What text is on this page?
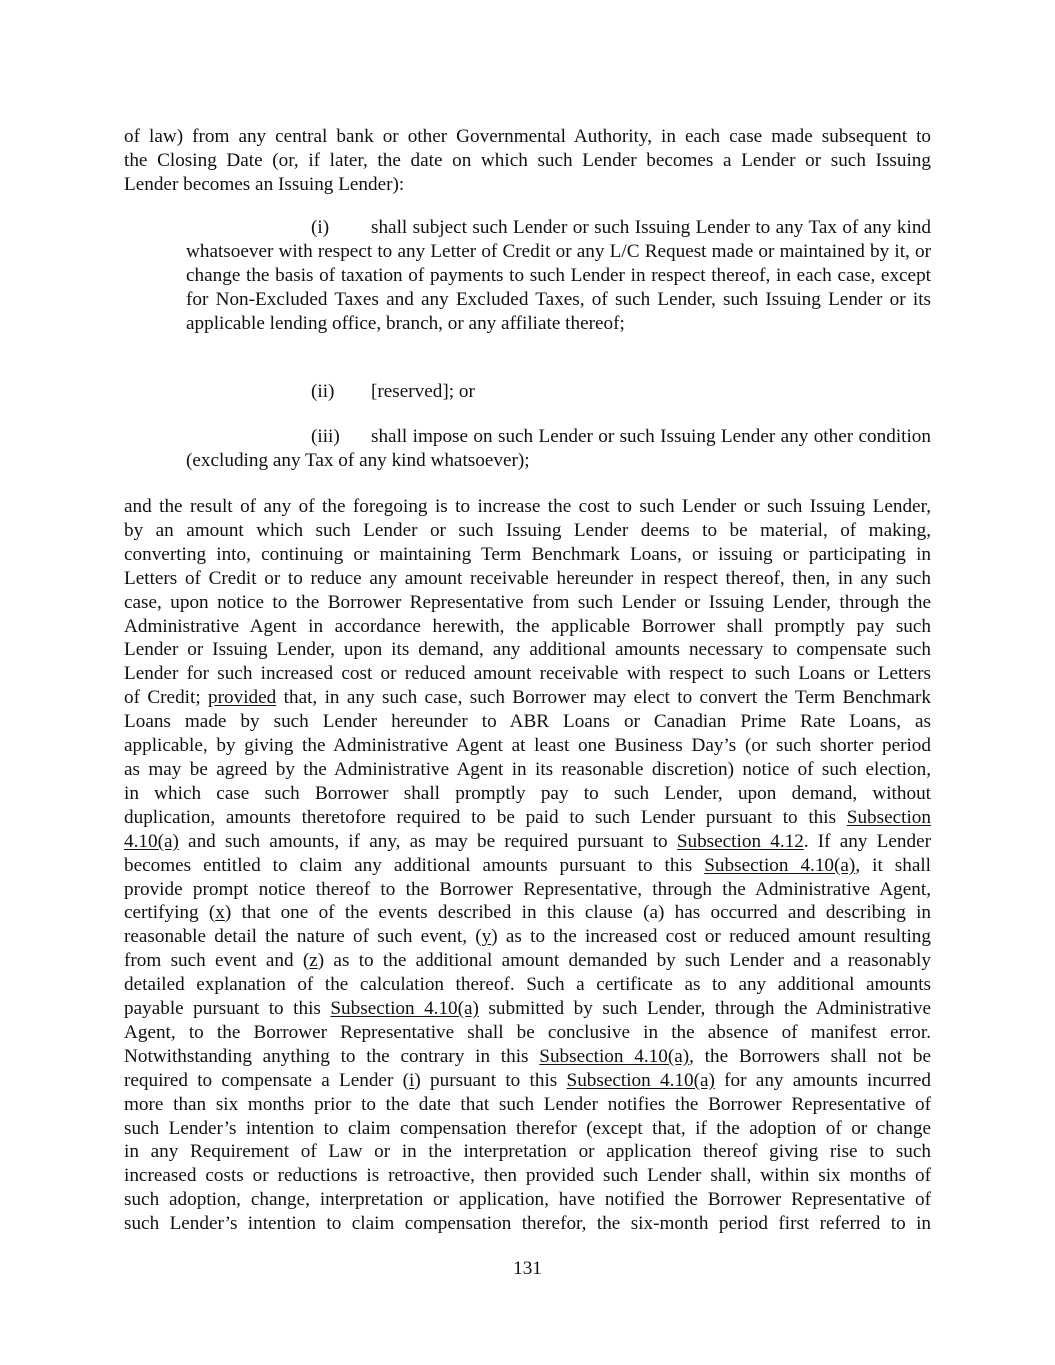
of law) from any central bank or other Governmental Authority, in each case made subsequent to
the Closing Date (or, if later, the date on which such Lender becomes a Lender or such Issuing
Lender becomes an Issuing Lender):

(i) shall subject such Lender or such Issuing Lender to any Tax of any kind whatsoever with respect to any Letter of Credit or any L/C Request made or maintained by it, or change the basis of taxation of payments to such Lender in respect thereof, in each case, except for Non-Excluded Taxes and any Excluded Taxes, of such Lender, such Issuing Lender or its applicable lending office, branch, or any affiliate thereof;

(ii) [reserved]; or

(iii) shall impose on such Lender or such Issuing Lender any other condition (excluding any Tax of any kind whatsoever);

and the result of any of the foregoing is to increase the cost to such Lender or such Issuing Lender,
by an amount which such Lender or such Issuing Lender deems to be material, of making,
converting into, continuing or maintaining Term Benchmark Loans, or issuing or participating in
Letters of Credit or to reduce any amount receivable hereunder in respect thereof, then, in any such
case, upon notice to the Borrower Representative from such Lender or Issuing Lender, through the
Administrative Agent in accordance herewith, the applicable Borrower shall promptly pay such
Lender or Issuing Lender, upon its demand, any additional amounts necessary to compensate such
Lender for such increased cost or reduced amount receivable with respect to such Loans or Letters
of Credit; provided that, in any such case, such Borrower may elect to convert the Term Benchmark
Loans made by such Lender hereunder to ABR Loans or Canadian Prime Rate Loans, as
applicable, by giving the Administrative Agent at least one Business Day’s (or such shorter period
as may be agreed by the Administrative Agent in its reasonable discretion) notice of such election,
in which case such Borrower shall promptly pay to such Lender, upon demand, without
duplication, amounts theretofore required to be paid to such Lender pursuant to this Subsection
4.10(a) and such amounts, if any, as may be required pursuant to Subsection 4.12. If any Lender
becomes entitled to claim any additional amounts pursuant to this Subsection 4.10(a), it shall
provide prompt notice thereof to the Borrower Representative, through the Administrative Agent,
certifying (x) that one of the events described in this clause (a) has occurred and describing in
reasonable detail the nature of such event, (y) as to the increased cost or reduced amount resulting
from such event and (z) as to the additional amount demanded by such Lender and a reasonably
detailed explanation of the calculation thereof. Such a certificate as to any additional amounts
payable pursuant to this Subsection 4.10(a) submitted by such Lender, through the Administrative
Agent, to the Borrower Representative shall be conclusive in the absence of manifest error.
Notwithstanding anything to the contrary in this Subsection 4.10(a), the Borrowers shall not be
required to compensate a Lender (i) pursuant to this Subsection 4.10(a) for any amounts incurred
more than six months prior to the date that such Lender notifies the Borrower Representative of
such Lender’s intention to claim compensation therefor (except that, if the adoption of or change
in any Requirement of Law or in the interpretation or application thereof giving rise to such
increased costs or reductions is retroactive, then provided such Lender shall, within six months of
such adoption, change, interpretation or application, have notified the Borrower Representative of
such Lender’s intention to claim compensation therefor, the six-month period first referred to in
131
